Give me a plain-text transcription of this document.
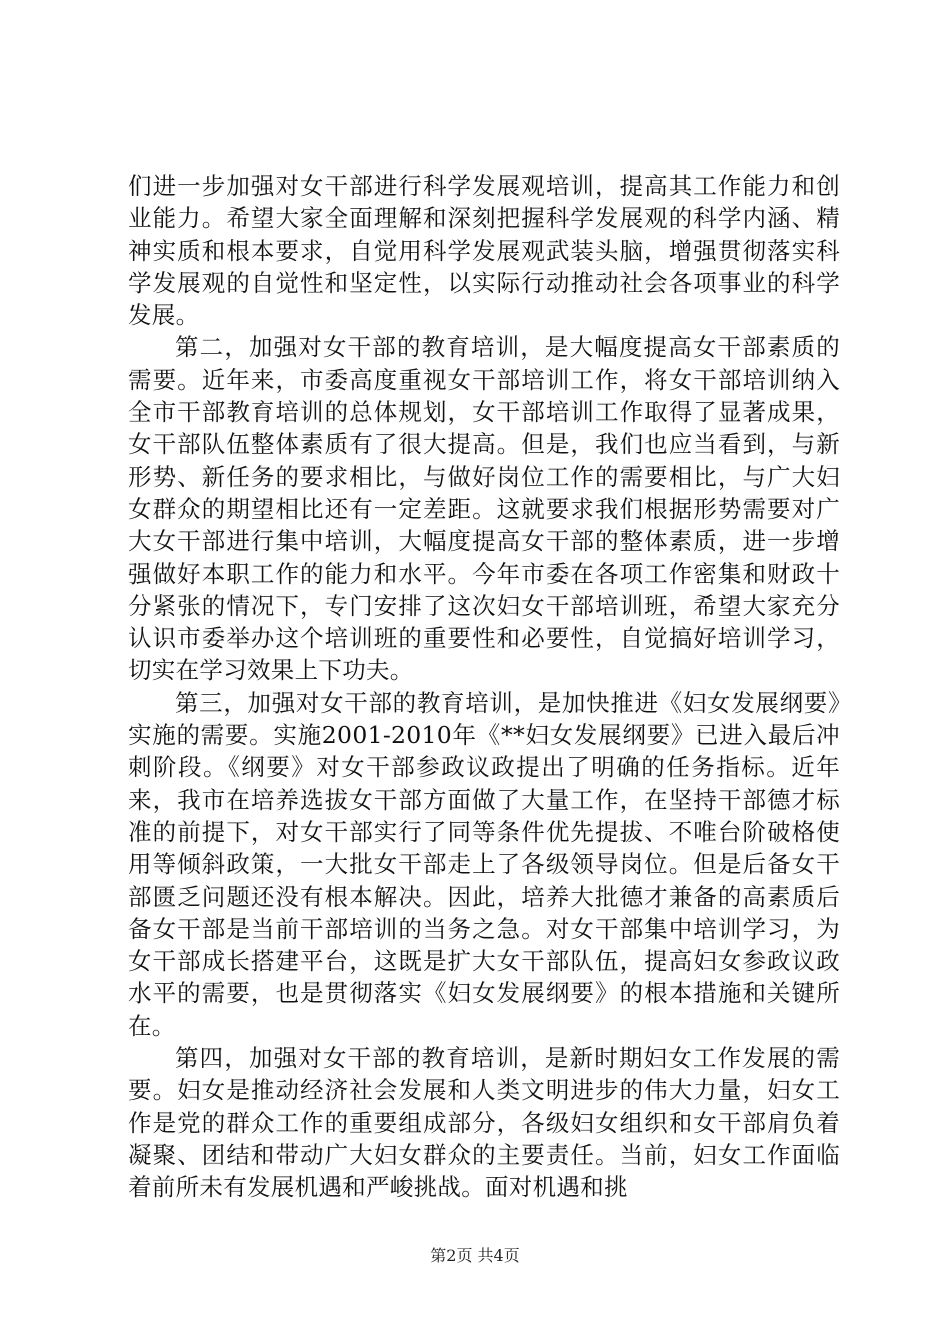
们进一步加强对女干部进行科学发展观培训，提高其工作能力和创业能力。希望大家全面理解和深刻把握科学发展观的科学内涵、精神实质和根本要求，自觉用科学发展观武装头脑，增强贯彻落实科学发展观的自觉性和坚定性，以实际行动推动社会各项事业的科学发展。

第二，加强对女干部的教育培训，是大幅度提高女干部素质的需要。近年来，市委高度重视女干部培训工作，将女干部培训纳入全市干部教育培训的总体规划，女干部培训工作取得了显著成果，女干部队伍整体素质有了很大提高。但是，我们也应当看到，与新形势、新任务的要求相比，与做好岗位工作的需要相比，与广大妇女群众的期望相比还有一定差距。这就要求我们根据形势需要对广大女干部进行集中培训，大幅度提高女干部的整体素质，进一步增强做好本职工作的能力和水平。今年市委在各项工作密集和财政十分紧张的情况下，专门安排了这次妇女干部培训班，希望大家充分认识市委举办这个培训班的重要性和必要性，自觉搞好培训学习，切实在学习效果上下功夫。

第三，加强对女干部的教育培训，是加快推进《妇女发展纲要》实施的需要。实施2001-2010年《**妇女发展纲要》已进入最后冲刺阶段。《纲要》对女干部参政议政提出了明确的任务指标。近年来，我市在培养选拔女干部方面做了大量工作，在坚持干部德才标准的前提下，对女干部实行了同等条件优先提拔、不唯台阶破格使用等倾斜政策，一大批女干部走上了各级领导岗位。但是后备女干部匮乏问题还没有根本解决。因此，培养大批德才兼备的高素质后备女干部是当前干部培训的当务之急。对女干部集中培训学习，为女干部成长搭建平台，这既是扩大女干部队伍，提高妇女参政议政水平的需要，也是贯彻落实《妇女发展纲要》的根本措施和关键所在。

第四，加强对女干部的教育培训，是新时期妇女工作发展的需要。妇女是推动经济社会发展和人类文明进步的伟大力量，妇女工作是党的群众工作的重要组成部分，各级妇女组织和女干部肩负着凝聚、团结和带动广大妇女群众的主要责任。当前，妇女工作面临着前所未有发展机遇和严峻挑战。面对机遇和挑

第2页 共4页
